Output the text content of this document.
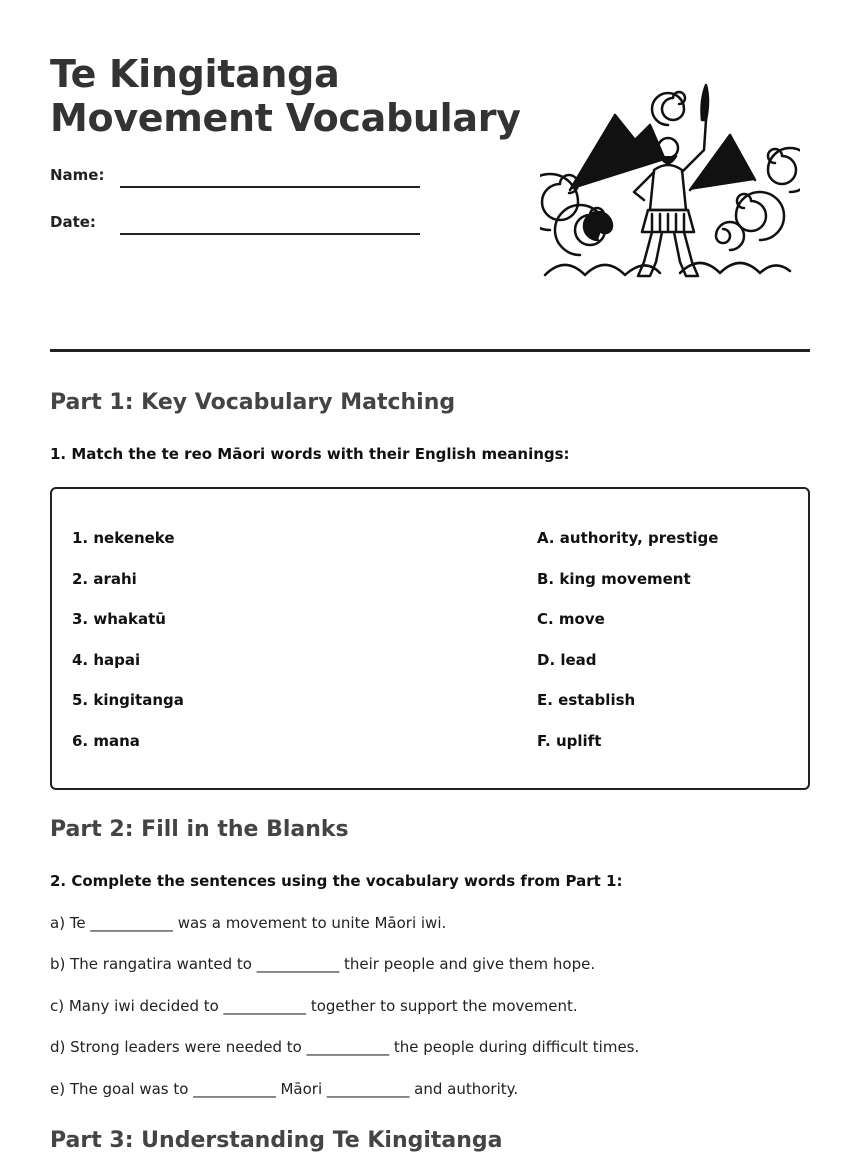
Te Kingitanga
Movement Vocabulary
Name:
Date:
Part 1: Key Vocabulary Matching

1. Match the te reo Māori words with their English meanings:

1. nekeneke
2. arahi
3. whakatū
4. hapai
5. kingitanga
6. mana
A. authority, prestige
B. king movement
C. move
D. lead
E. establish
F. uplift
Part 2: Fill in the Blanks

2. Complete the sentences using the vocabulary words from Part 1:

a) Te ___________ was a movement to unite Māori iwi.
b) The rangatira wanted to ___________ their people and give them hope.
c) Many iwi decided to ___________ together to support the movement.
d) Strong leaders were needed to ___________ the people during difficult times.
e) The goal was to ___________ Māori ___________ and authority.
Part 3: Understanding Te Kingitanga
